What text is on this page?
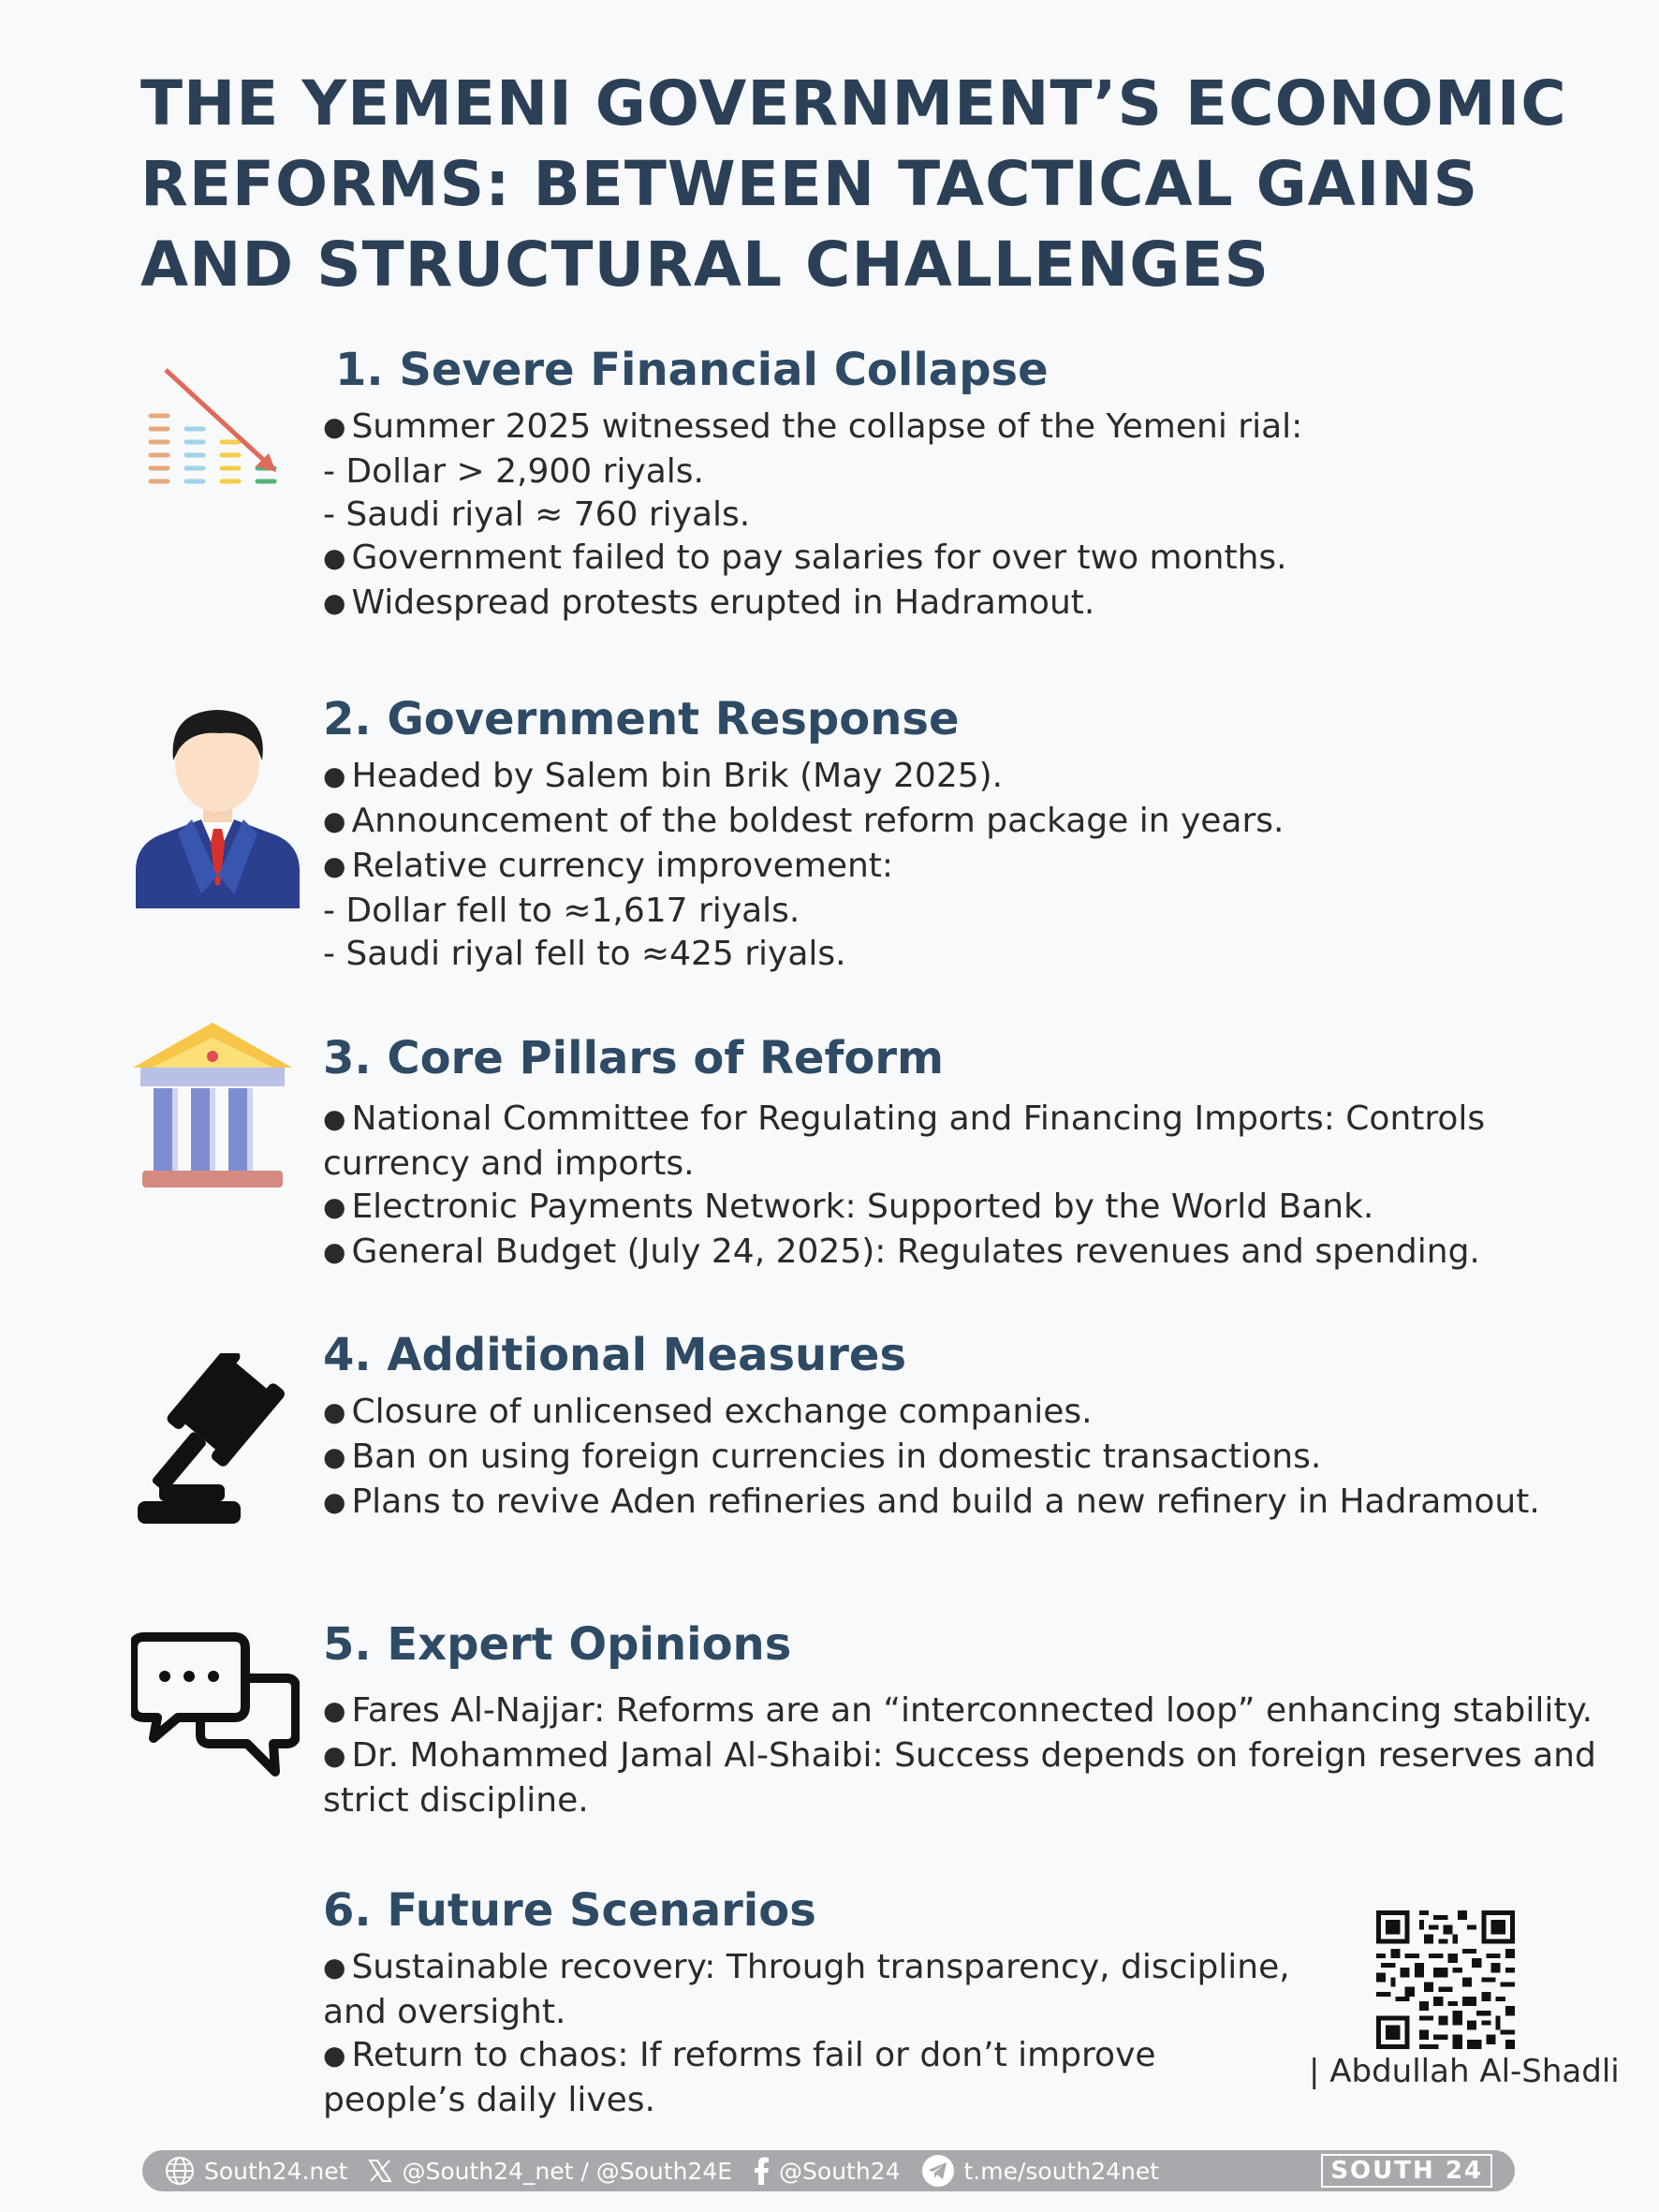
THE YEMENI GOVERNMENT’S ECONOMIC
REFORMS: BETWEEN TACTICAL GAINS
AND STRUCTURAL CHALLENGES
1. Severe Financial Collapse
● Summer 2025 witnessed the collapse of the Yemeni rial:
- Dollar > 2,900 riyals.
- Saudi riyal ≈ 760 riyals.
● Government failed to pay salaries for over two months.
● Widespread protests erupted in Hadramout.
2. Government Response
● Headed by Salem bin Brik (May 2025).
● Announcement of the boldest reform package in years.
● Relative currency improvement:
- Dollar fell to ≈1,617 riyals.
- Saudi riyal fell to ≈425 riyals.
3. Core Pillars of Reform
● National Committee for Regulating and Financing Imports: Controls
currency and imports.
● Electronic Payments Network: Supported by the World Bank.
● General Budget (July 24, 2025): Regulates revenues and spending.
4. Additional Measures
● Closure of unlicensed exchange companies.
● Ban on using foreign currencies in domestic transactions.
● Plans to revive Aden refineries and build a new refinery in Hadramout.
5. Expert Opinions
● Fares Al-Najjar: Reforms are an “interconnected loop” enhancing stability.
● Dr. Mohammed Jamal Al-Shaibi: Success depends on foreign reserves and
strict discipline.
6. Future Scenarios
● Sustainable recovery: Through transparency, discipline,
and oversight.
● Return to chaos: If reforms fail or don’t improve
people’s daily lives.
| Abdullah Al-Shadli
South24.net @South24_net / @South24E @South24	t.me/south24net	SOUTH 24
